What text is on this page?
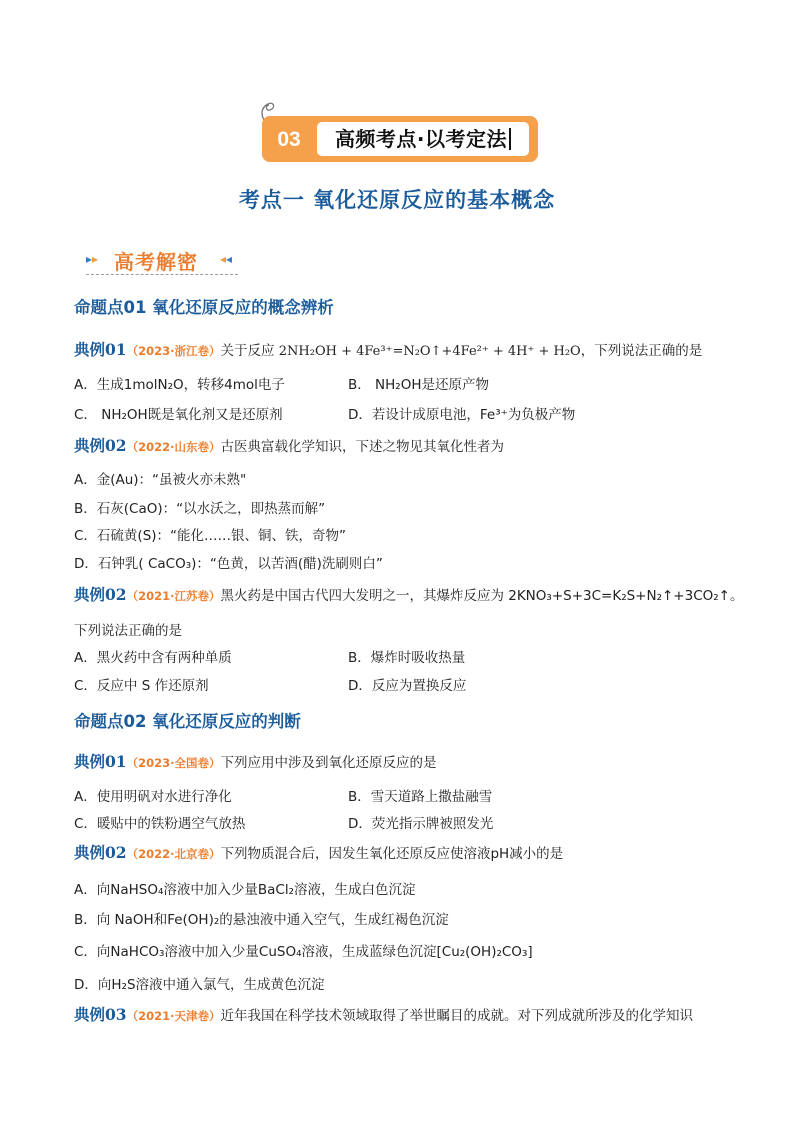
03	高频考点·以考定法
考点一 氧化还原反应的基本概念
▸▸ 高考解密 ◂◂
命题点01 氧化还原反应的概念辨析
典例01（2023·浙江卷）关于反应 2NH₂OH + 4Fe³⁺=N₂O↑+4Fe²⁺ + 4H⁺ + H₂O，下列说法正确的是
A．生成1molN₂O，转移4mol电子	B． NH₂OH是还原产物
C． NH₂OH既是氧化剂又是还原剂	D．若设计成原电池，Fe³⁺为负极产物
典例02（2022·山东卷）古医典富载化学知识，下述之物见其氧化性者为
A．金(Au)：“虽被火亦未熟"
B．石灰(CaO)：“以水沃之，即热蒸而解”
C．石硫黄(S)：“能化……银、铜、铁，奇物”
D．石钟乳( CaCO₃)：“色黄，以苦酒(醋)洗刷则白”
典例02（2021·江苏卷）黑火药是中国古代四大发明之一，其爆炸反应为 2KNO₃+S+3C=K₂S+N₂↑+3CO₂↑。
下列说法正确的是
A．黑火药中含有两种单质	B．爆炸时吸收热量
C．反应中 S 作还原剂	D．反应为置换反应
命题点02 氧化还原反应的判断
典例01（2023·全国卷）下列应用中涉及到氧化还原反应的是
A．使用明矾对水进行净化	B．雪天道路上撒盐融雪
C．暖贴中的铁粉遇空气放热	D．荧光指示牌被照发光
典例02（2022·北京卷）下列物质混合后，因发生氧化还原反应使溶液pH减小的是
A．向NaHSO₄溶液中加入少量BaCl₂溶液，生成白色沉淀
B．向 NaOH和Fe(OH)₂的悬浊液中通入空气，生成红褐色沉淀
C．向NaHCO₃溶液中加入少量CuSO₄溶液，生成蓝绿色沉淀[Cu₂(OH)₂CO₃]
D．向H₂S溶液中通入氯气，生成黄色沉淀
典例03（2021·天津卷）近年我国在科学技术领域取得了举世瞩目的成就。对下列成就所涉及的化学知识
